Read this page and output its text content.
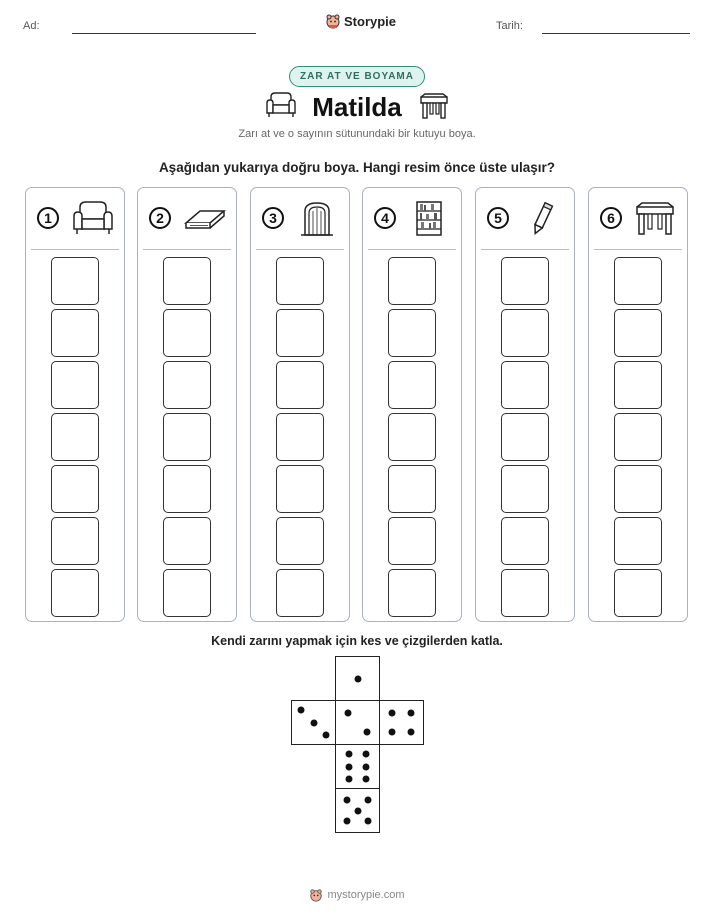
Ad:	Storypie	Tarih:
ZAR AT VE BOYAMA
Matilda
Zarı at ve o sayının sütunundaki bir kutuyu boya.
Aşağıdan yukarıya doğru boya. Hangi resim önce üste ulaşır?
1	2	3	4	5	6
Kendi zarını yapmak için kes ve çizgilerden katla.
mystorypie.com
